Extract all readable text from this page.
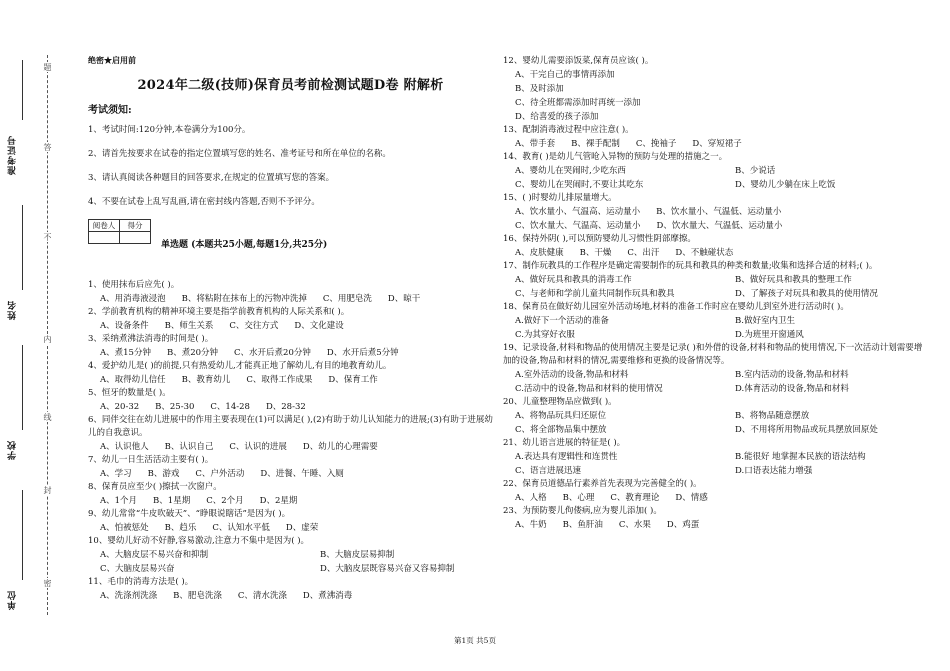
准考证号
姓名
学校
单位
题
答
不
内
线
封
密
绝密★启用前
2024年二级(技师)保育员考前检测试题D卷 附解析
考试须知:

1、考试时间:120分钟,本卷满分为100分。

2、请首先按要求在试卷的指定位置填写您的姓名、准考证号和所在单位的名称。

3、请认真阅读各种题目的回答要求,在规定的位置填写您的答案。

4、不要在试卷上乱写乱画,请在密封线内答题,否则不予评分。

阅卷人	得分

单选题 (本题共25小题,每题1分,共25分)

1、使用抹布后应先( )。

A、用消毒液浸泡 B、将粘附在抹布上的污物冲洗掉 C、用肥皂洗 D、晾干

2、学前教育机构的精神环境主要是指学前教育机构的人际关系和( )。

A、设备条件 B、师生关系 C、交往方式 D、文化建设

3、采纳煮沸法消毒的时间是( )。

A、煮15分钟 B、煮20分钟 C、水开后煮20分钟 D、水开后煮5分钟

4、爱护幼儿是( )的前提,只有热爱幼儿,才能真正地了解幼儿,有目的地教育幼儿。

A、取得幼儿信任 B、教育幼儿 C、取得工作成果 D、保育工作

5、恒牙的数量是( )。

A、20-32 B、25-30 C、14-28 D、28-32

6、同伴交往在幼儿进展中的作用主要表现在(1)可以满足( ),(2)有助于幼儿认知能力的进展;(3)有助于进展幼儿的自我意识。

A、认识他人 B、认识自己 C、认识的进展 D、幼儿的心理需要

7、幼儿一日生活活动主要有( )。

A、学习 B、游戏 C、户外活动 D、进餐、午睡、入厕

8、保育员应至少( )擦拭一次窗户。

A、1个月 B、1星期 C、2个月 D、2星期

9、幼儿常常“牛皮吹破天”、“睁眼说瞎话”是因为( )。

A、怕被惩处 B、趋乐 C、认知水平低 D、虚荣

10、婴幼儿好动不好静,容易激动,注意力不集中是因为( )。

A、大脑皮层不易兴奋和抑制	B、大脑皮层易抑制
C、大脑皮层易兴奋	D、大脑皮层既容易兴奋又容易抑制

11、毛巾的消毒方法是( )。

A、洗涤剂洗涤 B、肥皂洗涤 C、清水洗涤 D、煮沸消毒

12、婴幼儿需要添饭菜,保育员应该( )。

A、干完自己的事情再添加
B、及时添加
C、待全班都需添加时再统一添加
D、给喜爱的孩子添加

13、配制消毒液过程中应注意( )。

A、带手套 B、裸手配制 C、挽袖子 D、穿短裙子

14、教育( )是幼儿气管呛入异物的预防与处理的措施之一。

A、婴幼儿在哭闹时,少吃东西	B、少说话
C、婴幼儿在哭闹时,不要让其吃东	D、婴幼儿少躺在床上吃饭

15、( )时婴幼儿排尿量增大。

A、饮水量小、气温高、运动量小 B、饮水量小、气温低、运动量小
C、饮水量大、气温高、运动量小 D、饮水量大、气温低、运动量小

16、保持外阴( ),可以预防婴幼儿习惯性阴部摩擦。

A、皮肤健康 B、干燥 C、出汗 D、不触碰状态

17、制作玩教具的工作程序是确定需要制作的玩具和教具的种类和数量;收集和选择合适的材料;( )。

A、做好玩具和教具的消毒工作	B、做好玩具和教具的整理工作
C、与老师和学前儿童共同制作玩具和教具	D、了解孩子对玩具和教具的使用情况

18、保育员在做好幼儿园室外活动场地,材料的准备工作时应在婴幼儿到室外进行活动时( )。

A.做好下一个活动的准备	B.做好室内卫生
C.为其穿好衣服	D.为班里开窗通风

19、记录设备,材料和物品的使用情况主要是记录( )和外借的设备,材料和物品的使用情况,下一次活动计划需要增加的设备,物品和材料的情况,需要维修和更换的设备情况等。

A.室外活动的设备,物品和材料	B.室内活动的设备,物品和材料
C.活动中的设备,物品和材料的使用情况	D.体育活动的设备,物品和材料

20、儿童整理物品应做到( )。

A、将物品玩具归还原位	B、将物品随意摆放
C、将全部物品集中摆放	D、不用将所用物品或玩具摆放回原处

21、幼儿语言进展的特征是( )。

A.表达具有逻辑性和连贯性	B.能很好 地掌握本民族的语法结构
C、语言进展迅速	D.口语表达能力增强

22、保育员道德品行素养首先表现为完善健全的( )。

A、人格 B、心理 C、教育理论 D、情感

23、为预防婴儿佝偻病,应为婴儿添加( )。

A、牛奶 B、鱼肝油 C、水果 D、鸡蛋
第1页 共5页
